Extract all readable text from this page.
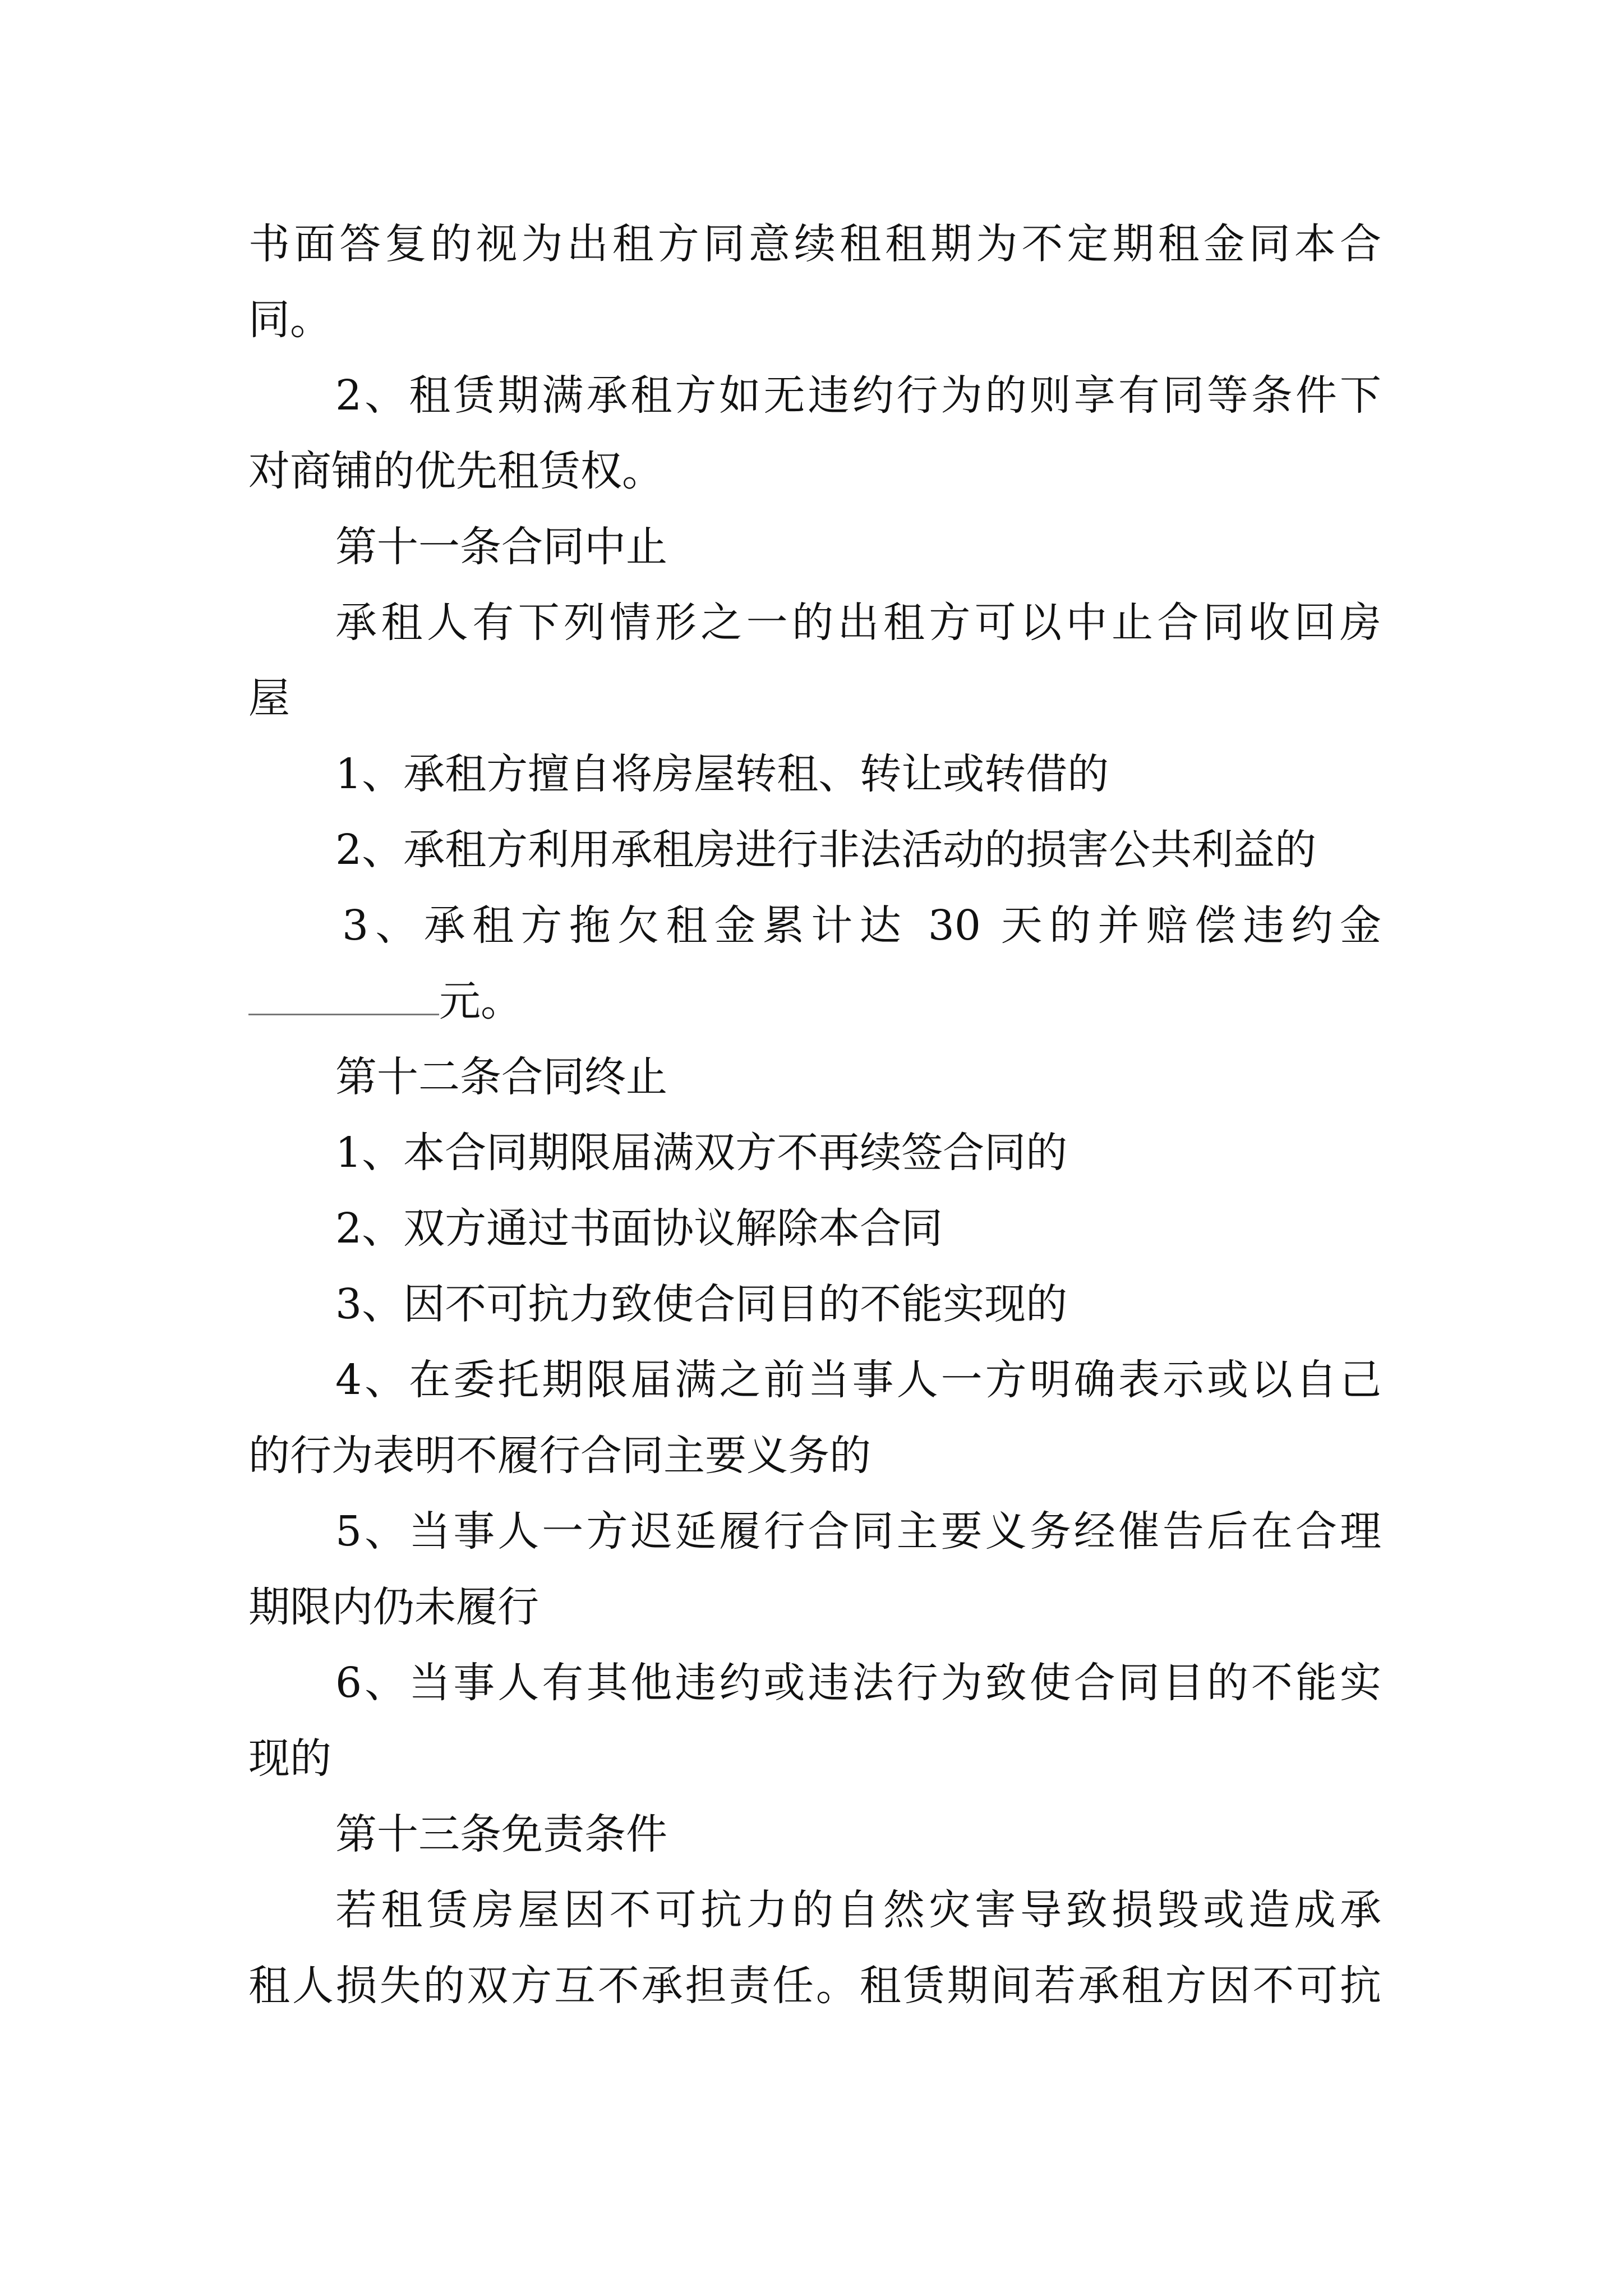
书面答复的视为出租方同意续租租期为不定期租金同本合
同。
2、租赁期满承租方如无违约行为的则享有同等条件下
对商铺的优先租赁权。
第十一条合同中止
承租人有下列情形之一的出租方可以中止合同收回房
屋
1、承租方擅自将房屋转租、转让或转借的
2、承租方利用承租房进行非法活动的损害公共利益的
3、承租方拖欠租金累计达 30 天的并赔偿违约金
元。
第十二条合同终止
1、本合同期限届满双方不再续签合同的
2、双方通过书面协议解除本合同
3、因不可抗力致使合同目的不能实现的
4、在委托期限届满之前当事人一方明确表示或以自己
的行为表明不履行合同主要义务的
5、当事人一方迟延履行合同主要义务经催告后在合理
期限内仍未履行
6、当事人有其他违约或违法行为致使合同目的不能实
现的
第十三条免责条件
若租赁房屋因不可抗力的自然灾害导致损毁或造成承
租人损失的双方互不承担责任。租赁期间若承租方因不可抗
